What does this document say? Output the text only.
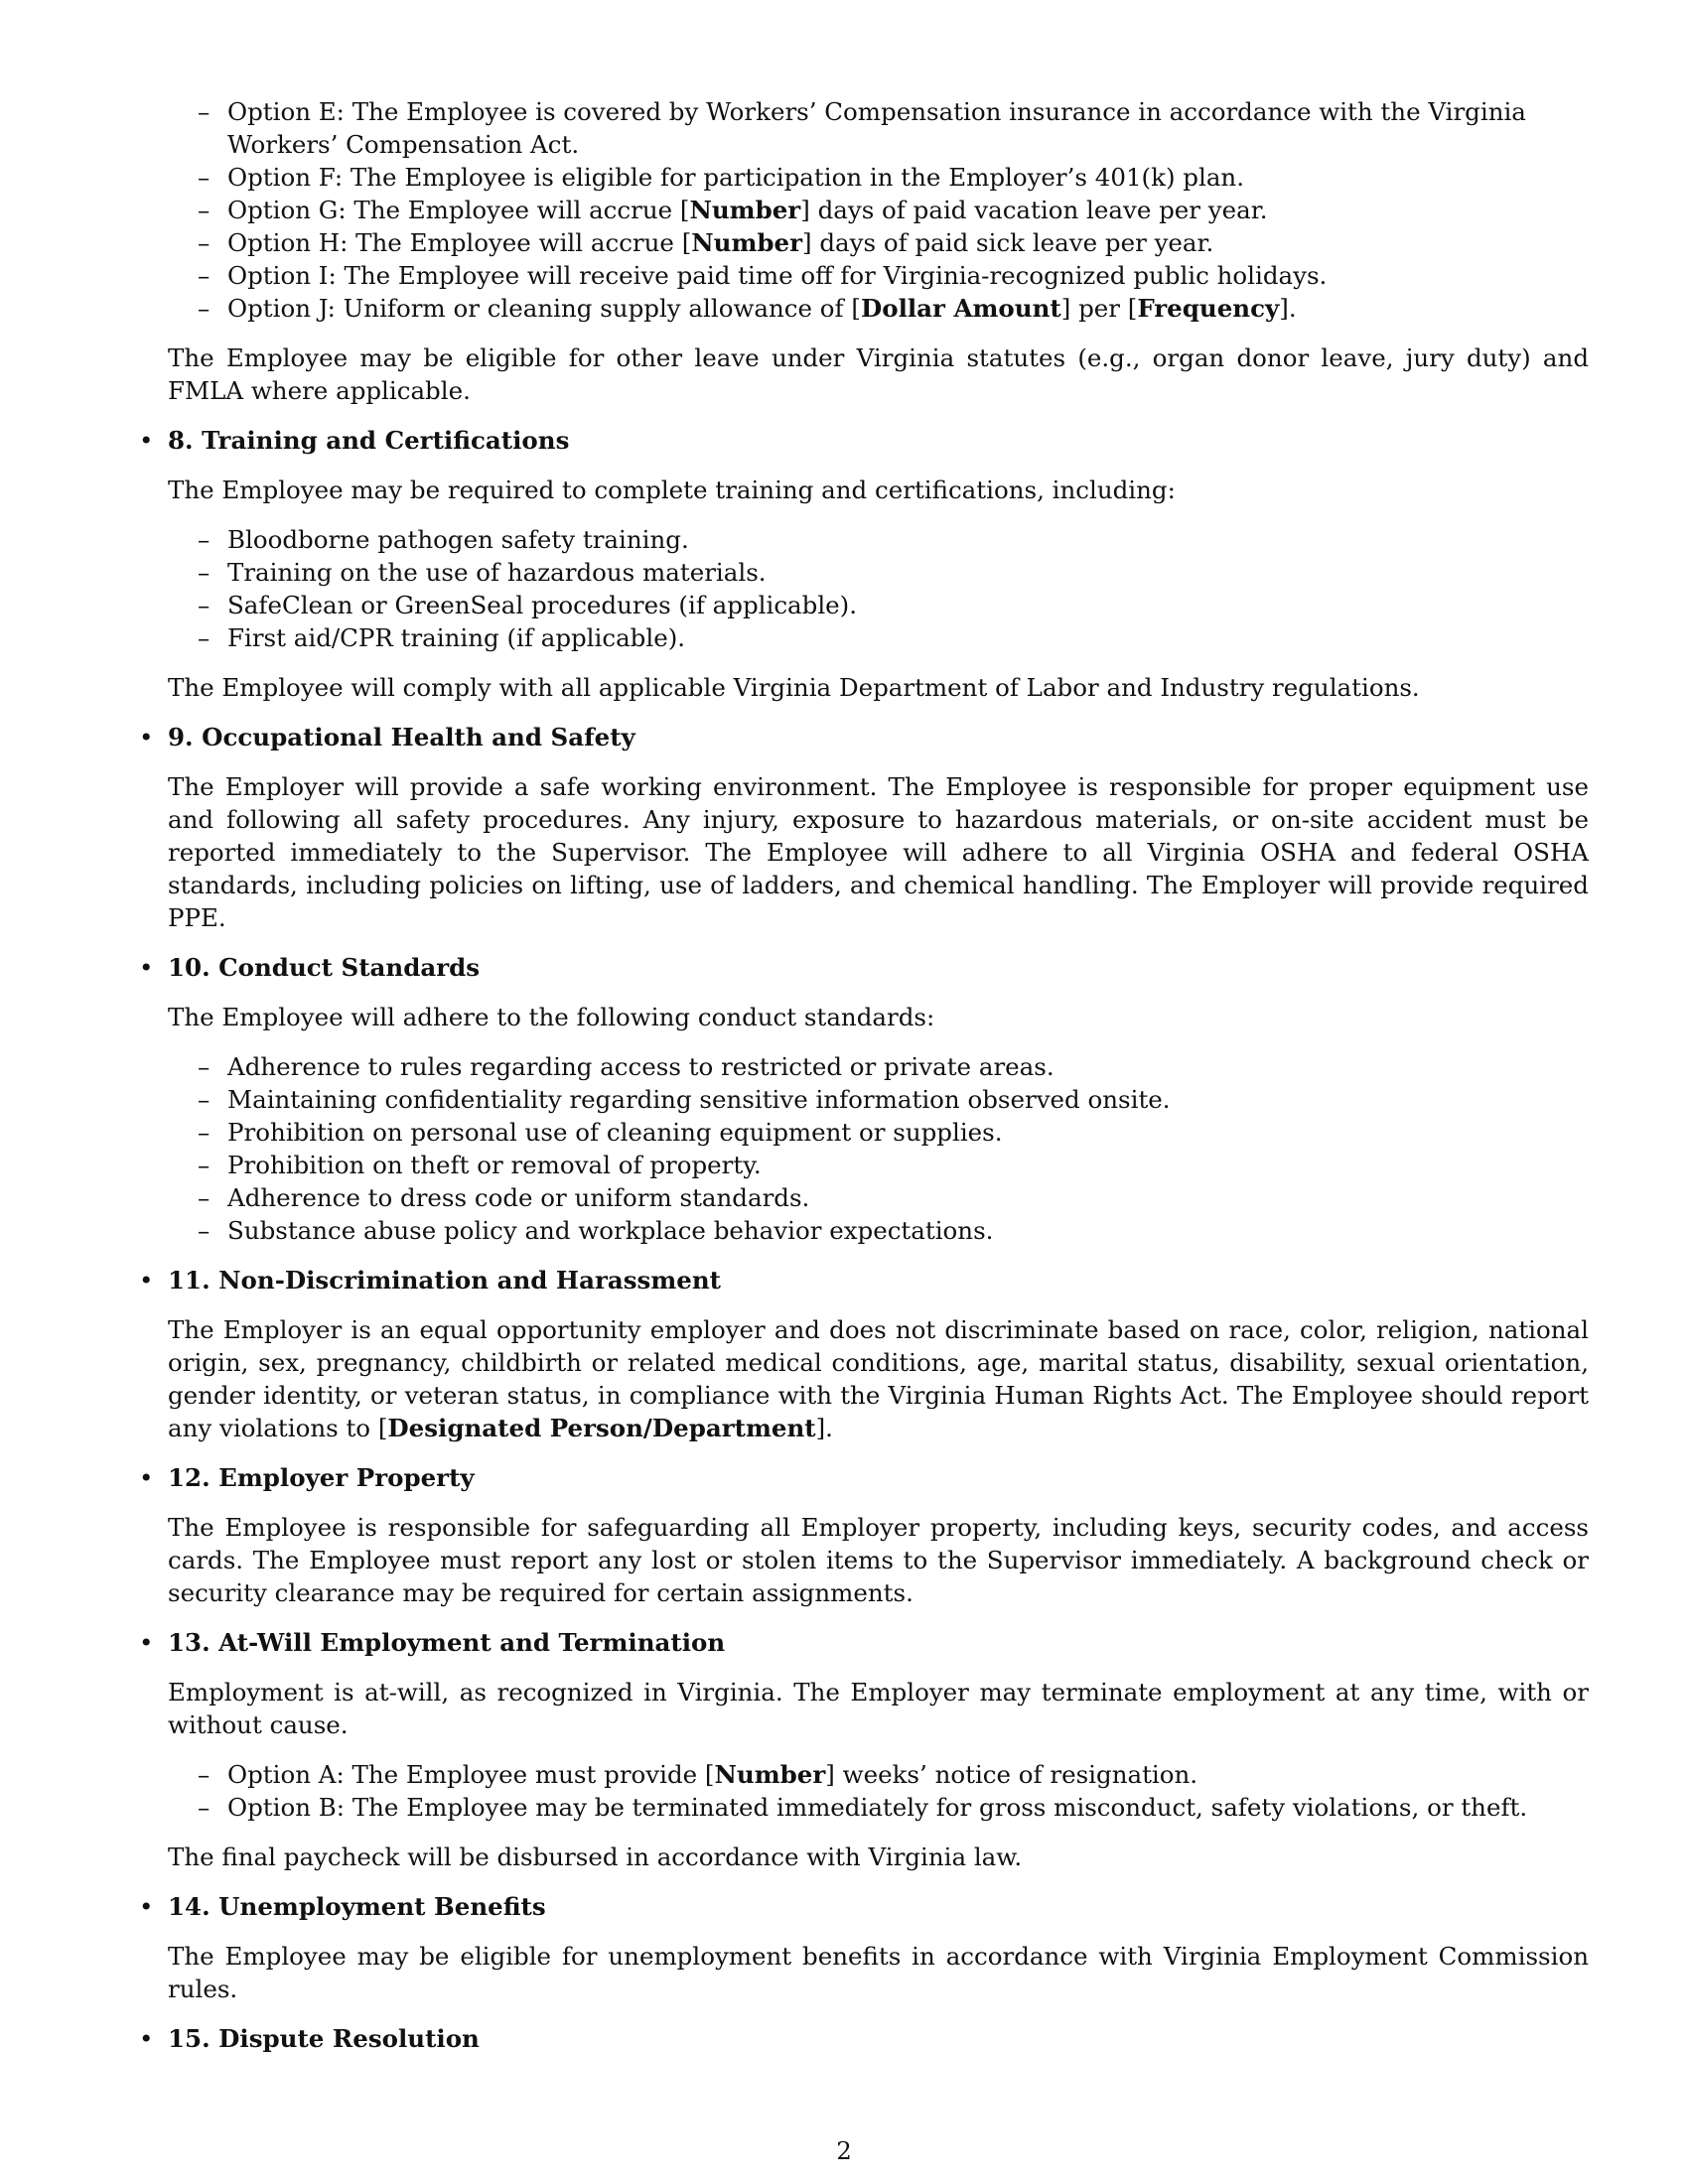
– Option E: The Employee is covered by Workers’ Compensation insurance in accordance with the Virginia Workers’ Compensation Act.
– Option F: The Employee is eligible for participation in the Employer’s 401(k) plan.
– Option G: The Employee will accrue [Number] days of paid vacation leave per year.
– Option H: The Employee will accrue [Number] days of paid sick leave per year.
– Option I: The Employee will receive paid time off for Virginia-recognized public holidays.
– Option J: Uniform or cleaning supply allowance of [Dollar Amount] per [Frequency].
The Employee may be eligible for other leave under Virginia statutes (e.g., organ donor leave, jury duty) and FMLA where applicable.
• 8. Training and Certifications
The Employee may be required to complete training and certifications, including:
– Bloodborne pathogen safety training.
– Training on the use of hazardous materials.
– SafeClean or GreenSeal procedures (if applicable).
– First aid/CPR training (if applicable).
The Employee will comply with all applicable Virginia Department of Labor and Industry regulations.
• 9. Occupational Health and Safety
The Employer will provide a safe working environment. The Employee is responsible for proper equipment use and following all safety procedures. Any injury, exposure to hazardous materials, or on-site accident must be reported immediately to the Supervisor. The Employee will adhere to all Virginia OSHA and federal OSHA standards, including policies on lifting, use of ladders, and chemical handling. The Employer will provide required PPE.
• 10. Conduct Standards
The Employee will adhere to the following conduct standards:
– Adherence to rules regarding access to restricted or private areas.
– Maintaining confidentiality regarding sensitive information observed onsite.
– Prohibition on personal use of cleaning equipment or supplies.
– Prohibition on theft or removal of property.
– Adherence to dress code or uniform standards.
– Substance abuse policy and workplace behavior expectations.
• 11. Non-Discrimination and Harassment
The Employer is an equal opportunity employer and does not discriminate based on race, color, religion, national origin, sex, pregnancy, childbirth or related medical conditions, age, marital status, disability, sexual orientation, gender identity, or veteran status, in compliance with the Virginia Human Rights Act. The Employee should report any violations to [Designated Person/Department].
• 12. Employer Property
The Employee is responsible for safeguarding all Employer property, including keys, security codes, and access cards. The Employee must report any lost or stolen items to the Supervisor immediately. A background check or security clearance may be required for certain assignments.
• 13. At-Will Employment and Termination
Employment is at-will, as recognized in Virginia. The Employer may terminate employment at any time, with or without cause.
– Option A: The Employee must provide [Number] weeks’ notice of resignation.
– Option B: The Employee may be terminated immediately for gross misconduct, safety violations, or theft.
The final paycheck will be disbursed in accordance with Virginia law.
• 14. Unemployment Benefits
The Employee may be eligible for unemployment benefits in accordance with Virginia Employment Commission rules.
• 15. Dispute Resolution
2
